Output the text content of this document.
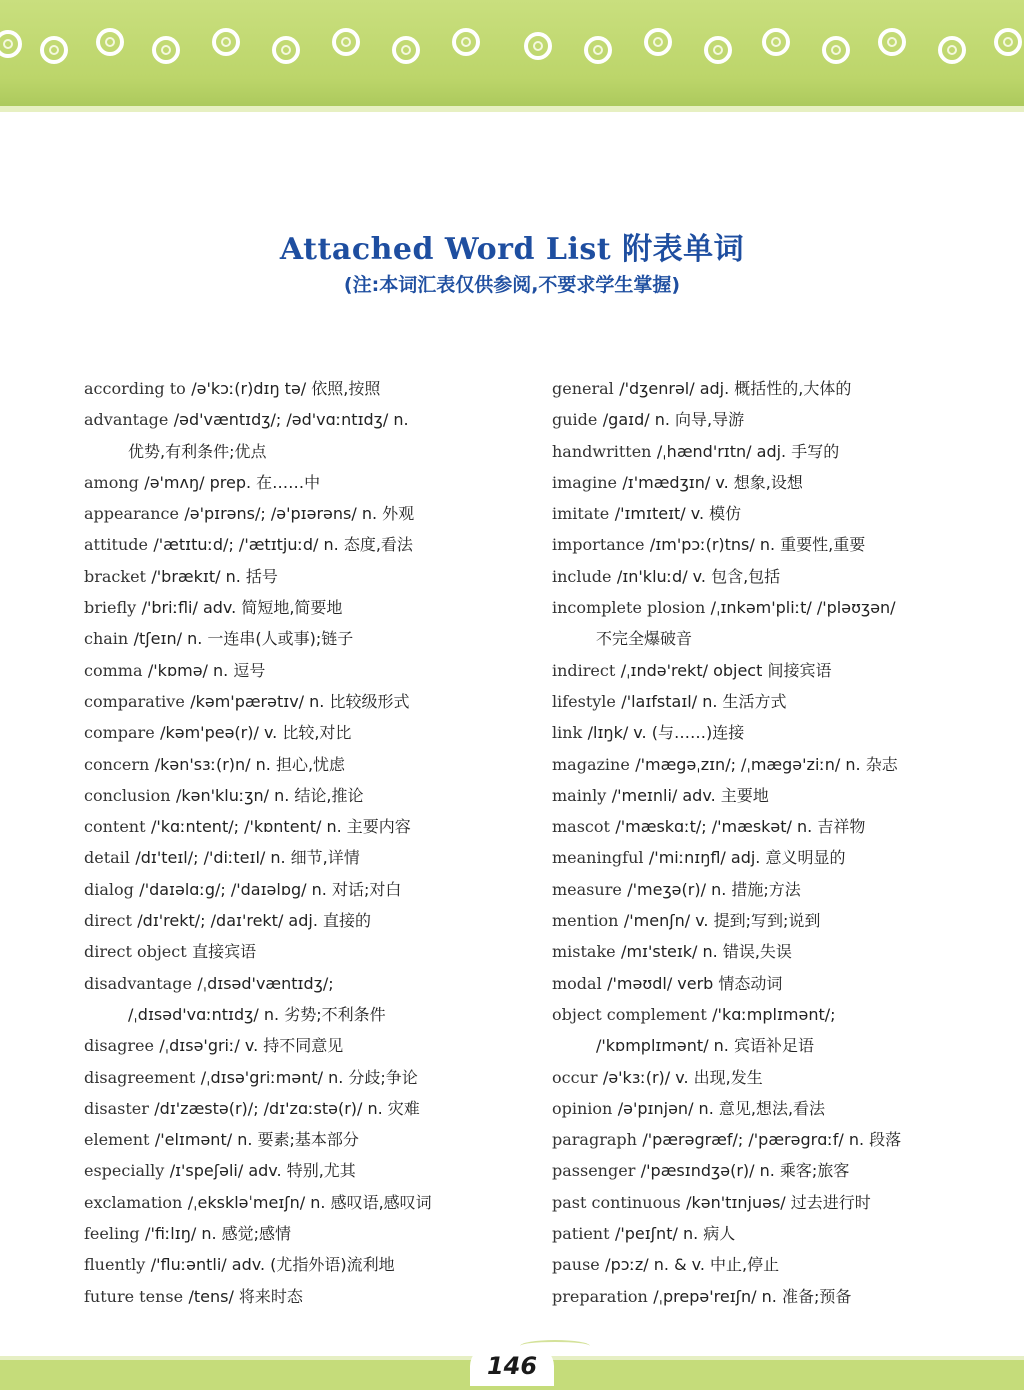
Attached Word List 附表单词
(注:本词汇表仅供参阅,不要求学生掌握)
according to /ə'kɔː(r)dɪŋ tə/ 依照,按照
advantage /əd'væntɪdʒ/; /əd'vɑːntɪdʒ/ n.
优势,有利条件;优点
among /ə'mʌŋ/ prep. 在……中
appearance /ə'pɪrəns/; /ə'pɪərəns/ n. 外观
attitude /'ætɪtuːd/; /'ætɪtjuːd/ n. 态度,看法
bracket /'brækɪt/ n. 括号
briefly /'briːfli/ adv. 简短地,简要地
chain /tʃeɪn/ n. 一连串(人或事);链子
comma /'kɒmə/ n. 逗号
comparative /kəm'pærətɪv/ n. 比较级形式
compare /kəm'peə(r)/ v. 比较,对比
concern /kən'sɜː(r)n/ n. 担心,忧虑
conclusion /kən'kluːʒn/ n. 结论,推论
content /'kɑːntent/; /'kɒntent/ n. 主要内容
detail /dɪ'teɪl/; /'diːteɪl/ n. 细节,详情
dialog /'daɪəlɑːg/; /'daɪəlɒg/ n. 对话;对白
direct /dɪ'rekt/; /daɪ'rekt/ adj. 直接的
direct object 直接宾语
disadvantage /ˌdɪsəd'væntɪdʒ/;
/ˌdɪsəd'vɑːntɪdʒ/ n. 劣势;不利条件
disagree /ˌdɪsə'griː/ v. 持不同意见
disagreement /ˌdɪsə'griːmənt/ n. 分歧;争论
disaster /dɪ'zæstə(r)/; /dɪ'zɑːstə(r)/ n. 灾难
element /'elɪmənt/ n. 要素;基本部分
especially /ɪ'speʃəli/ adv. 特别,尤其
exclamation /ˌekskləˈmeɪʃn/ n. 感叹语,感叹词
feeling /'fiːlɪŋ/ n. 感觉;感情
fluently /'fluːəntli/ adv. (尤指外语)流利地
future tense /tens/ 将来时态
general /'dʒenrəl/ adj. 概括性的,大体的
guide /gaɪd/ n. 向导,导游
handwritten /ˌhænd'rɪtn/ adj. 手写的
imagine /ɪ'mædʒɪn/ v. 想象,设想
imitate /'ɪmɪteɪt/ v. 模仿
importance /ɪm'pɔː(r)tns/ n. 重要性,重要
include /ɪn'kluːd/ v. 包含,包括
incomplete plosion /ˌɪnkəm'pliːt/ /'pləʊʒən/
不完全爆破音
indirect /ˌɪndə'rekt/ object 间接宾语
lifestyle /'laɪfstaɪl/ n. 生活方式
link /lɪŋk/ v. (与……)连接
magazine /'mægəˌzɪn/; /ˌmægə'ziːn/ n. 杂志
mainly /'meɪnli/ adv. 主要地
mascot /'mæskɑːt/; /'mæskət/ n. 吉祥物
meaningful /'miːnɪŋfl/ adj. 意义明显的
measure /'meʒə(r)/ n. 措施;方法
mention /'menʃn/ v. 提到;写到;说到
mistake /mɪ'steɪk/ n. 错误,失误
modal /'məʊdl/ verb 情态动词
object complement /'kɑːmplɪmənt/;
/'kɒmplɪmənt/ n. 宾语补足语
occur /ə'kɜː(r)/ v. 出现,发生
opinion /ə'pɪnjən/ n. 意见,想法,看法
paragraph /'pærəgræf/; /'pærəgrɑːf/ n. 段落
passenger /'pæsɪndʒə(r)/ n. 乘客;旅客
past continuous /kən'tɪnjuəs/ 过去进行时
patient /'peɪʃnt/ n. 病人
pause /pɔːz/ n. & v. 中止,停止
preparation /ˌprepə'reɪʃn/ n. 准备;预备
146
